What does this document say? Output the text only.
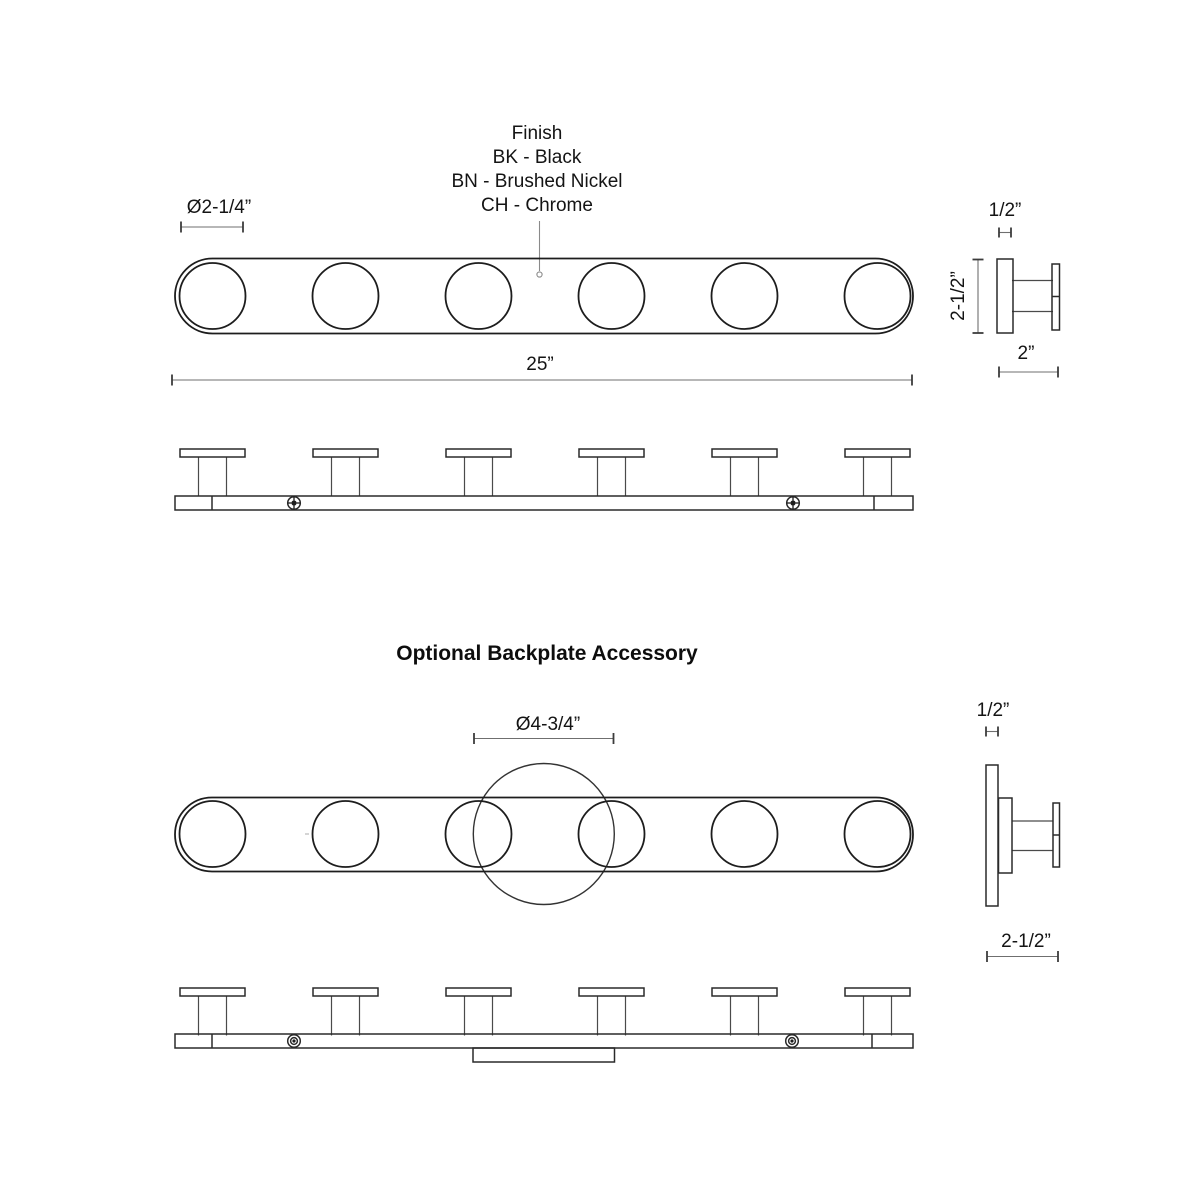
Finish
BK - Black
BN - Brushed Nickel
CH - Chrome
Ø2-1/4”
25”
1/2”
2-1/2”
2”
Optional Backplate Accessory
Ø4-3/4”
1/2”
2-1/2”
